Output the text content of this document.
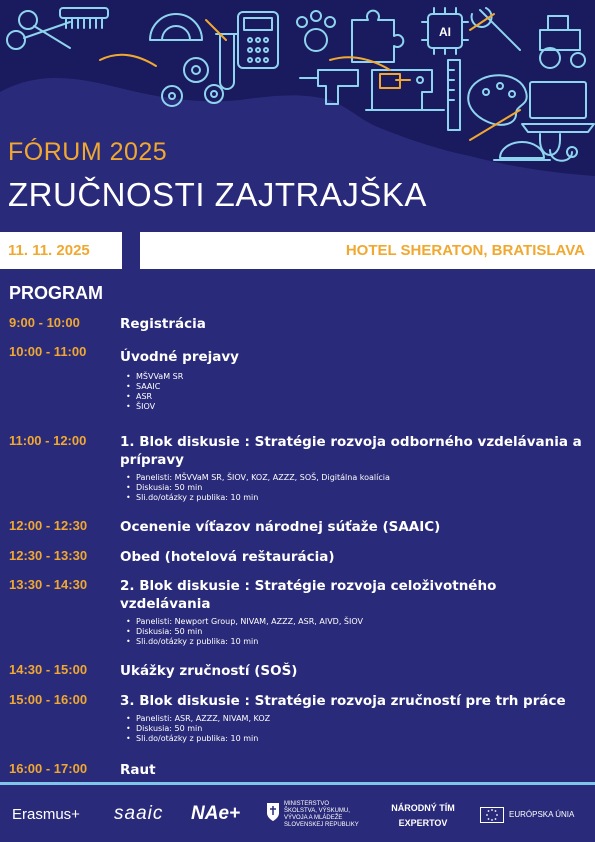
AI
FÓRUM 2025
ZRUČNOSTI ZAJTRAJŠKA
11. 11. 2025	HOTEL SHERATON, BRATISLAVA
PROGRAM
9:00 - 10:00	Registrácia
10:00 - 11:00 Úvodné prejavy
• MŠVVaM SR
• SAAIC
• ASR
• ŠIOV
11:00 - 12:00 1. Blok diskusie : Stratégie rozvoja odborného vzdelávania a prípravy
• Panelisti: MŠVVaM SR, ŠIOV, KOZ, AZZZ, SOŠ, Digitálna koalícia
• Diskusia: 50 min
• Sli.do/otázky z publika: 10 min
12:00 - 12:30 Ocenenie víťazov národnej súťaže (SAAIC)
12:30 - 13:30 Obed (hotelová reštaurácia)
13:30 - 14:30 2. Blok diskusie : Stratégie rozvoja celoživotného vzdelávania
• Panelisti: Newport Group, NIVAM, AZZZ, ASR, AIVD, ŠIOV
• Diskusia: 50 min
• Sli.do/otázky z publika: 10 min
14:30 - 15:00 Ukážky zručností (SOŠ)
15:00 - 16:00 3. Blok diskusie : Stratégie rozvoja zručností pre trh práce
• Panelisti: ASR, AZZZ, NIVAM, KOZ
• Diskusia: 50 min
• Sli.do/otázky z publika: 10 min
16:00 - 17:00 Raut
Erasmus+ saaic NAe+	MINISTERSTVO
ŠKOLSTVA, VÝSKUMU,
VÝVOJA A MLÁDEŽE
SLOVENSKEJ REPUBLIKY
NÁRODNÝ TÍM
EXPERTOV
EURÓPSKA ÚNIA
